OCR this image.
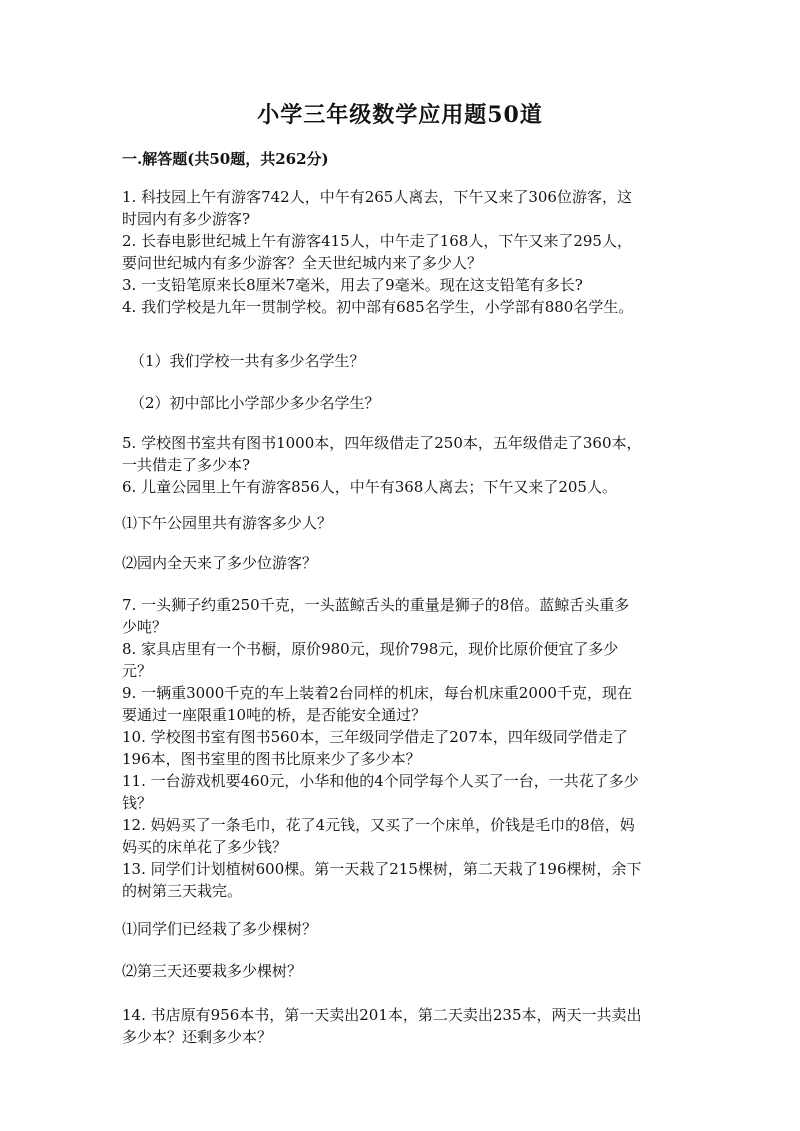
小学三年级数学应用题50道
一.解答题(共50题，共262分)
1. 科技园上午有游客742人，中午有265人离去，下午又来了306位游客，这
时园内有多少游客?
2. 长春电影世纪城上午有游客415人，中午走了168人，下午又来了295人，
要问世纪城内有多少游客？全天世纪城内来了多少人？
3. 一支铅笔原来长8厘米7毫米，用去了9毫米。现在这支铅笔有多长?
4. 我们学校是九年一贯制学校。初中部有685名学生，小学部有880名学生。
（1）我们学校一共有多少名学生？
（2）初中部比小学部少多少名学生？
5. 学校图书室共有图书1000本，四年级借走了250本，五年级借走了360本，
一共借走了多少本?
6. 儿童公园里上午有游客856人，中午有368人离去；下午又来了205人。
⑴下午公园里共有游客多少人？
⑵园内全天来了多少位游客？
7. 一头狮子约重250千克，一头蓝鲸舌头的重量是狮子的8倍。蓝鲸舌头重多
少吨？
8. 家具店里有一个书橱，原价980元，现价798元，现价比原价便宜了多少
元？
9. 一辆重3000千克的车上装着2台同样的机床，每台机床重2000千克，现在
要通过一座限重10吨的桥，是否能安全通过？
10. 学校图书室有图书560本，三年级同学借走了207本，四年级同学借走了
196本，图书室里的图书比原来少了多少本？
11. 一台游戏机要460元，小华和他的4个同学每个人买了一台，一共花了多少
钱？
12. 妈妈买了一条毛巾，花了4元钱，又买了一个床单，价钱是毛巾的8倍，妈
妈买的床单花了多少钱？
13. 同学们计划植树600棵。第一天栽了215棵树，第二天栽了196棵树，余下
的树第三天栽完。
⑴同学们已经栽了多少棵树？
⑵第三天还要栽多少棵树？
14. 书店原有956本书，第一天卖出201本，第二天卖出235本，两天一共卖出
多少本？还剩多少本？
